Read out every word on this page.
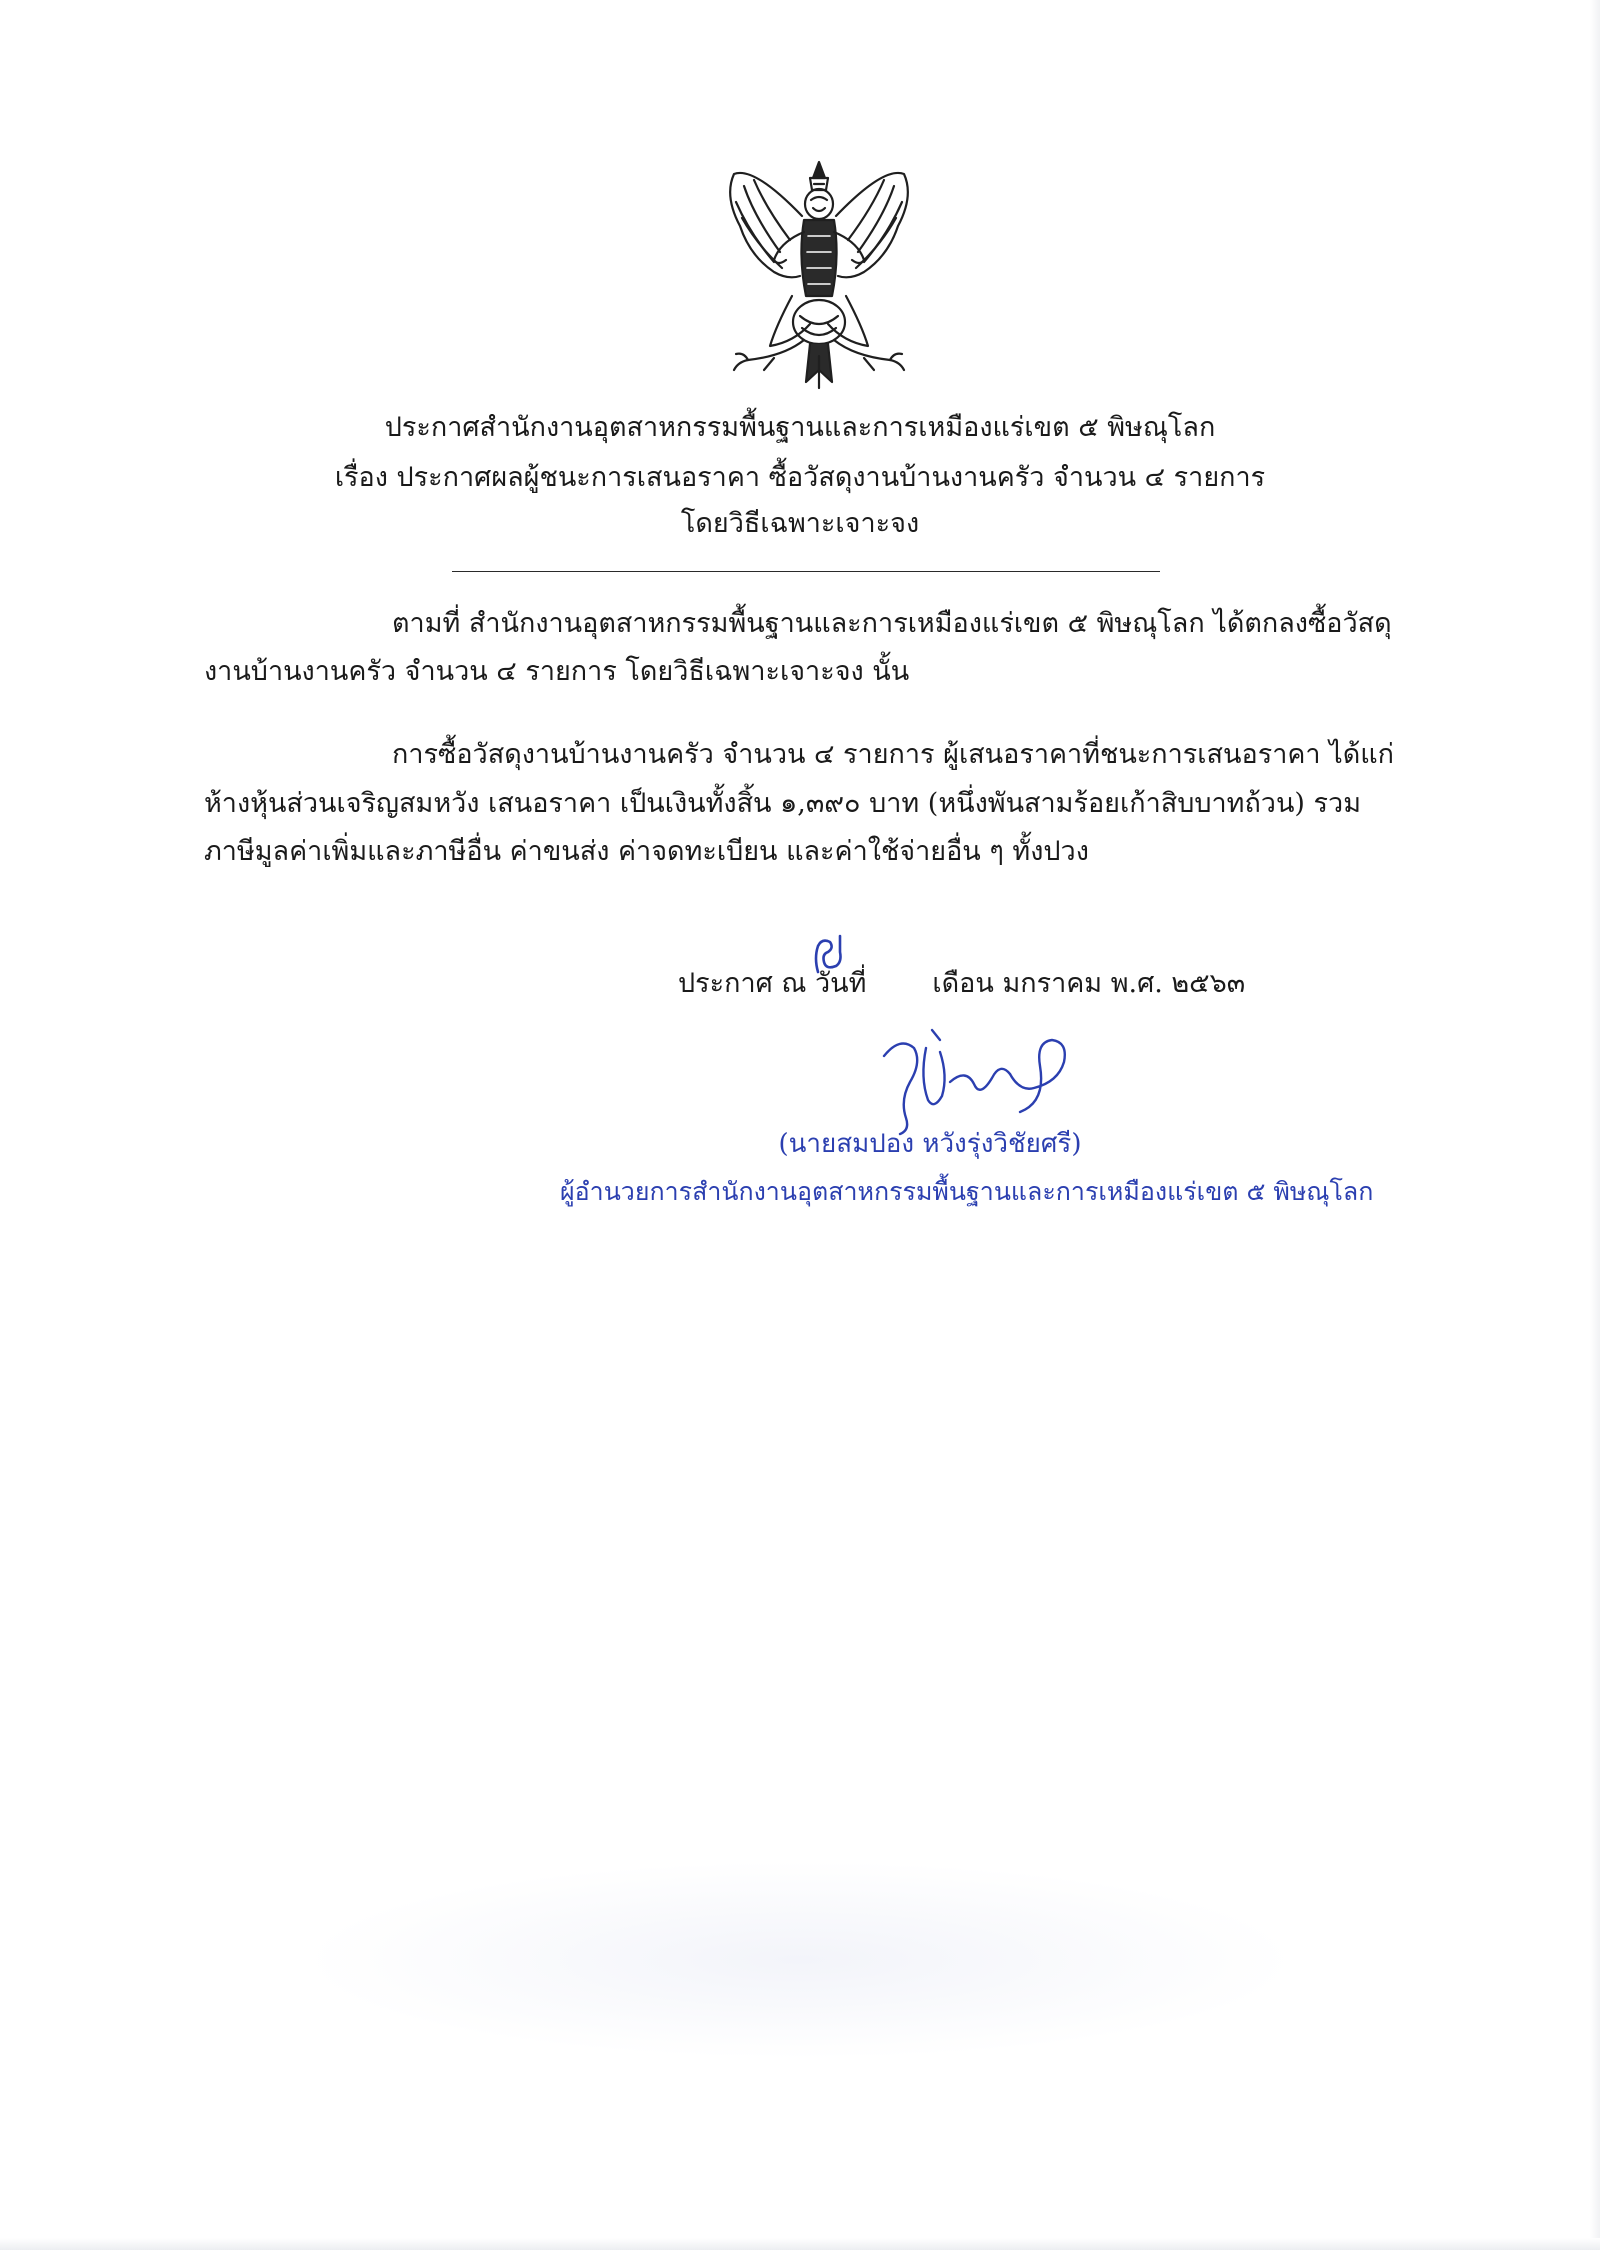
ประกาศสำนักงานอุตสาหกรรมพื้นฐานและการเหมืองแร่เขต ๕ พิษณุโลก
เรื่อง ประกาศผลผู้ชนะการเสนอราคา ซื้อวัสดุงานบ้านงานครัว จำนวน ๔ รายการ
โดยวิธีเฉพาะเจาะจง
ตามที่ สำนักงานอุตสาหกรรมพื้นฐานและการเหมืองแร่เขต ๕ พิษณุโลก ได้ตกลงซื้อวัสดุ
งานบ้านงานครัว จำนวน ๔ รายการ โดยวิธีเฉพาะเจาะจง นั้น
การซื้อวัสดุงานบ้านงานครัว จำนวน ๔ รายการ ผู้เสนอราคาที่ชนะการเสนอราคา ได้แก่
ห้างหุ้นส่วนเจริญสมหวัง เสนอราคา เป็นเงินทั้งสิ้น ๑,๓๙๐ บาท (หนึ่งพันสามร้อยเก้าสิบบาทถ้วน) รวม
ภาษีมูลค่าเพิ่มและภาษีอื่น ค่าขนส่ง ค่าจดทะเบียน และค่าใช้จ่ายอื่น ๆ ทั้งปวง
ประกาศ ณ วันที่ เดือน มกราคม พ.ศ. ๒๕๖๓
(นายสมปอง หวังรุ่งวิชัยศรี)
ผู้อำนวยการสำนักงานอุตสาหกรรมพื้นฐานและการเหมืองแร่เขต ๕ พิษณุโลก
